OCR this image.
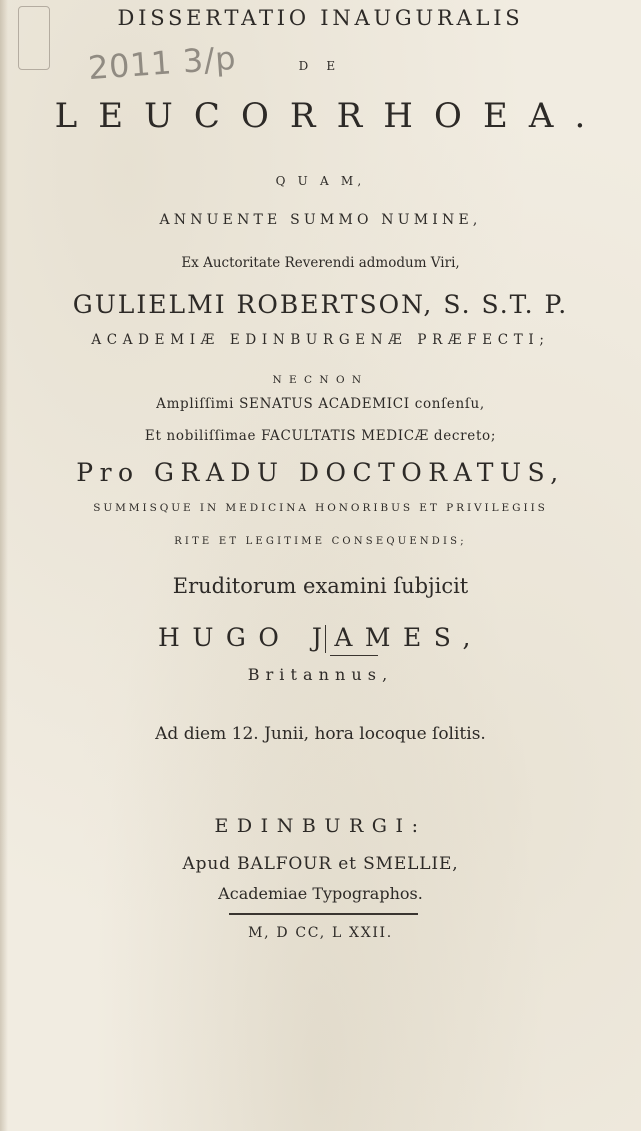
DISSERTATIO INAUGURALIS
2011 3/p	D E
LEUCORRHOEA.
Q U A M,
ANNUENTE SUMMO NUMINE,
Ex Auctoritate Reverendi admodum Viri,
GULIELMI ROBERTSON, S. S.T. P.
ACADEMIÆ EDINBURGENÆ PRÆFECTI;
NECNON
Ampliſſimi SENATUS ACADEMICI conſenſu,
Et nobiliſſimae FACULTATIS MEDICÆ decreto;
Pro GRADU DOCTORATUS,
SUMMISQUE IN MEDICINA HONORIBUS ET PRIVILEGIIS
RITE ET LEGITIME CONSEQUENDIS;
Eruditorum examini ſubjicit
HUGO JAMES,
Britannus,
Ad diem 12. Junii, hora locoque ſolitis.
EDINBURGI:
Apud BALFOUR et SMELLIE,
Academiae Typographos.
M, D CC, L XXII.
